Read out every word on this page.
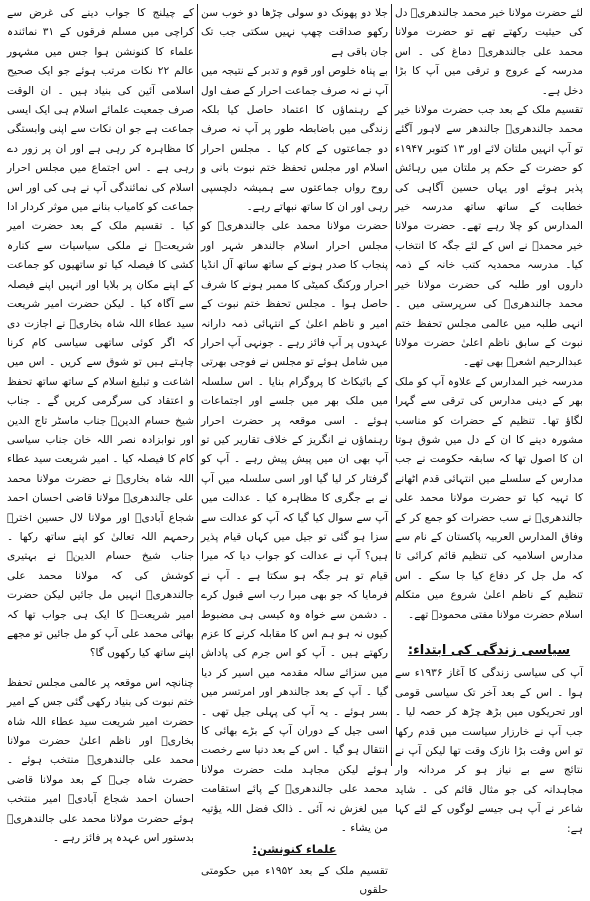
لئے حضرت مولانا خیر محمد جالندھریؒ دل کی حیثیت رکھتے تھے تو حضرت مولانا محمد علی جالندھریؒ دماغ کی ۔ اس مدرسہ کے عروج و ترقی میں آپ کا بڑا دخل ہے۔

تقسیم ملک کے بعد جب حضرت مولانا خیر محمد جالندھریؒ جالندھر سے لاہور آگئے تو آپ انہیں ملتان لائے اور ۱۳ کتوبر ۱۹۴۷ء کو حضرت کے حکم پر ملتان میں رہائش پذیر ہوئے اور یہاں حسین آگاہی کی خطابت کے ساتھ ساتھ مدرسہ خیر المدارس کو چلا رہے تھے۔ حضرت مولانا خیر محمدؒ نے اس کے لئے جگہ کا انتخاب کیا۔ مدرسہ محمدیہ کتب خانہ کے ذمہ داروں اور طلبہ کی حضرت مولانا خیر محمد جالندھریؒ کی سرپرستی میں ۔ انہی طلبہ میں عالمی مجلس تحفظ ختم نبوت کے سابق ناظم اعلیٰ حضرت مولانا عبدالرحیم اشعرؒ بھی تھے۔

مدرسہ خیر المدارس کے علاوہ آپ کو ملک بھر کے دینی مدارس کی ترقی سے گہرا لگاؤ تھا۔ تنظیم کے حضرات کو مناسب مشورہ دینے کا ان کے دل میں شوق ہوتا ان کا اصول تھا کہ سابقہ حکومت نے جب مدارس کے سلسلے میں انتہائی قدم اٹھانے کا تہیہ کیا تو حضرت مولانا محمد علی جالندھریؒ نے سب حضرات کو جمع کر کے وفاق المدارس العربیہ پاکستان کے نام سے مدارس اسلامیہ کی تنظیم قائم کرائی تا کہ مل جل کر دفاع کیا جا سکے ۔ اس تنظیم کے ناظم اعلیٰ شروع میں متکلم اسلام حضرت مولانا مفتی محمودؒ تھے۔

سیاسی زندگی کی ابتداء:

آپ کی سیاسی زندگی کا آغاز ۱۹۳۶ء سے ہوا ۔ اس کے بعد آخر تک سیاسی قومی اور تحریکوں میں بڑھ چڑھ کر حصہ لیا ۔ جب آپ نے خارزار سیاست میں قدم رکھا تو اس وقت بڑا نازک وقت تھا لیکن آپ نے نتائج سے بے نیاز ہو کر مردانہ وار مجاہدانہ کی جو مثال قائم کی ۔ شاید شاعر نے آپ ہی جیسے لوگوں کے لئے کہا ہے:

جلا دو پھونک دو سولی چڑھا دو خوب سن رکھو صداقت چھپ نہیں سکتی جب تک جان باقی ہے

بے پناہ خلوص اور قوم و تدبر کے نتیجہ میں آپ نے نہ صرف جماعت احرار کے صف اول کے رہنماؤں کا اعتماد حاصل کیا بلکہ زندگی میں باضابطہ طور پر آپ نہ صرف دو جماعتوں کے کام کیا ۔ مجلس احرار اسلام اور مجلس تحفظ ختم نبوت بانی و روح رواں جماعتوں سے ہمیشہ دلچسپی رہی اور ان کا ساتھ نبھاتے رہے۔

حضرت مولانا محمد علی جالندھریؒ کو مجلس احرار اسلام جالندھر شہر اور پنجاب کا صدر ہونے کے ساتھ ساتھ آل انڈیا احرار ورکنگ کمیٹی کا ممبر ہونے کا شرف حاصل ہوا ۔ مجلس تحفظ ختم نبوت کے امیر و ناظم اعلیٰ کے انتہائی ذمہ دارانہ عہدوں پر آپ فائز رہے ۔ جونہی آپ احرار میں شامل ہوئے تو مجلس نے فوجی بھرتی کے بائیکاٹ کا پروگرام بنایا ۔ اس سلسلہ میں ملک بھر میں جلسے اور اجتماعات ہوئے ۔ اسی موقعہ پر حضرت احرار رہنماؤں نے انگریز کے خلاف تقاریر کیں تو آپ بھی ان میں پیش پیش رہے ۔ آپ کو گرفتار کر لیا گیا اور اسی سلسلہ میں آپ نے بے جگری کا مظاہرہ کیا ۔ عدالت میں آپ سے سوال کیا گیا کہ آپ کو عدالت سے سزا ہو گئی تو جیل میں کہاں قیام پذیر ہیں؟ آپ نے عدالت کو جواب دیا کہ میرا قیام تو ہر جگہ ہو سکتا ہے ۔ آپ نے فرمایا کہ جو بھی میرا رب اسے قبول کرے ۔ دشمن سے خواہ وہ کیسی ہی مضبوط کیوں نہ ہو ہم اس کا مقابلہ کرنے کا عزم رکھتے ہیں ۔ آپ کو اس جرم کی پاداش میں سزائے سالہ مقدمہ میں اسیر کر دیا گیا ۔ آپ کے بعد جالندھر اور امرتسر میں بسر ہوئے ۔ یہ آپ کی پہلی جیل تھی ۔ اسی جیل کے دوران آپ کے بڑے بھائی کا انتقال ہو گیا ۔ اس کے بعد دنیا سے رخصت ہوئے لیکن مجاہد ملت حضرت مولانا محمد علی جالندھریؒ کے پائے استقامت میں لغزش نہ آئی ۔ ذالک فضل اللہ یؤتیہ من یشاء ۔

علماء کنونشن:

تقسیم ملک کے بعد ۱۹۵۲ء میں حکومتی حلقوں

کے چیلنج کا جواب دینے کی غرض سے کراچی میں مسلم فرقوں کے ۳۱ نمائندہ علماء کا کنونشن ہوا جس میں مشہور عالم ۲۲ نکات مرتب ہوئے جو ایک صحیح اسلامی آئین کی بنیاد ہیں ۔ ان الوقت صرف جمعیت علمائے اسلام ہی ایک ایسی جماعت ہے جو ان نکات سے اپنی وابستگی کا مظاہرہ کر رہی ہے اور ان پر زور دے رہی ہے ۔ اس اجتماع میں مجلس احرار اسلام کی نمائندگی آپ نے ہی کی اور اس جماعت کو کامیاب بنانے میں موثر کردار ادا کیا ۔ تقسیم ملک کے بعد حضرت امیر شریعتؒ نے ملکی سیاسیات سے کنارہ کشی کا فیصلہ کیا تو ساتھیوں کو جماعت کے اپنے مکان پر بلایا اور انہیں اپنے فیصلہ سے آگاہ کیا ۔ لیکن حضرت امیر شریعت سید عطاء اللہ شاہ بخاریؒ نے اجازت دی کہ اگر کوئی ساتھی سیاسی کام کرنا چاہتے ہیں تو شوق سے کریں ۔ اس میں اشاعت و تبلیغ اسلام کے ساتھ ساتھ تحفظ و اعتقاد کی سرگرمی کریں گے ۔ جناب شیخ حسام الدینؒ جناب ماسٹر تاج الدین اور نوابزادہ نصر اللہ خان جناب سیاسی کام کا فیصلہ کیا ۔ امیر شریعت سید عطاء اللہ شاہ بخاریؒ نے حضرت مولانا محمد علی جالندھریؒ مولانا قاضی احسان احمد شجاع آبادیؒ اور مولانا لال حسین اخترؒ رحمہم اللہ تعالیٰ کو اپنے ساتھ رکھا ۔ جناب شیخ حسام الدینؒ نے بہتیری کوشش کی کہ مولانا محمد علی جالندھریؒ انہیں مل جائیں لیکن حضرت امیر شریعتؒ کا ایک ہی جواب تھا کہ بھائی محمد علی آپ کو مل جائیں تو مجھے اپنے ساتھ کیا رکھوں گا؟

چنانچہ اس موقعہ پر عالمی مجلس تحفظ ختم نبوت کی بنیاد رکھی گئی جس کے امیر حضرت امیر شریعت سید عطاء اللہ شاہ بخاریؒ اور ناظم اعلیٰ حضرت مولانا محمد علی جالندھریؒ منتخب ہوئے ۔ حضرت شاہ جیؒ کے بعد مولانا قاضی احسان احمد شجاع آبادیؒ امیر منتخب ہوئے حضرت مولانا محمد علی جالندھریؒ بدستور اس عہدہ پر فائز رہے ۔
